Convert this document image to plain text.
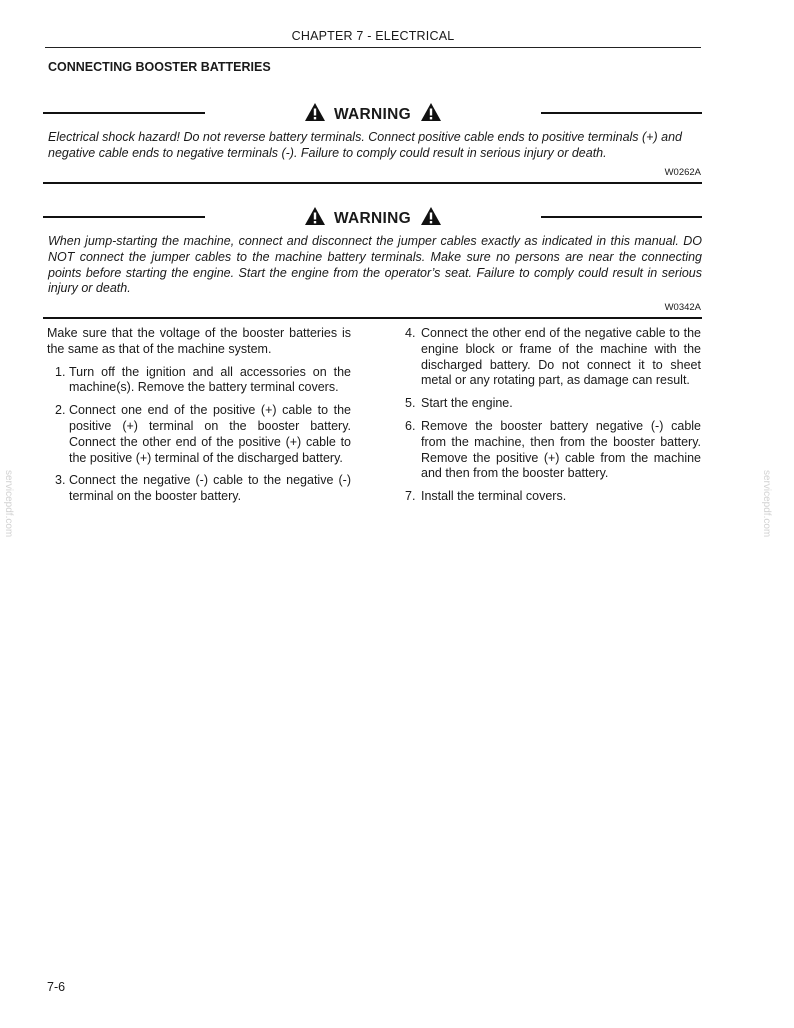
CHAPTER 7 - ELECTRICAL
CONNECTING BOOSTER BATTERIES
WARNING
Electrical shock hazard! Do not reverse battery terminals. Connect positive cable ends to positive terminals (+) and negative cable ends to negative terminals (-). Failure to comply could result in serious injury or death.
W0262A
WARNING
When jump-starting the machine, connect and disconnect the jumper cables exactly as indicated in this manual. DO NOT connect the jumper cables to the machine battery terminals. Make sure no persons are near the connecting points before starting the engine. Start the engine from the operator’s seat. Failure to comply could result in serious injury or death.
W0342A

Make sure that the voltage of the booster batteries is the same as that of the machine system.

1. Turn off the ignition and all accessories on the machine(s). Remove the battery terminal covers.
2. Connect one end of the positive (+) cable to the positive (+) terminal on the booster battery. Connect the other end of the positive (+) cable to the positive (+) terminal of the discharged battery.
3. Connect the negative (-) cable to the negative (-) terminal on the booster battery.
4. Connect the other end of the negative cable to the engine block or frame of the machine with the discharged battery. Do not connect it to sheet metal or any rotating part, as damage can result.
5. Start the engine.
6. Remove the booster battery negative (-) cable from the machine, then from the booster battery. Remove the positive (+) cable from the machine and then from the booster battery.
7. Install the terminal covers.
servicepdf.com	servicepdf.com
7-6
